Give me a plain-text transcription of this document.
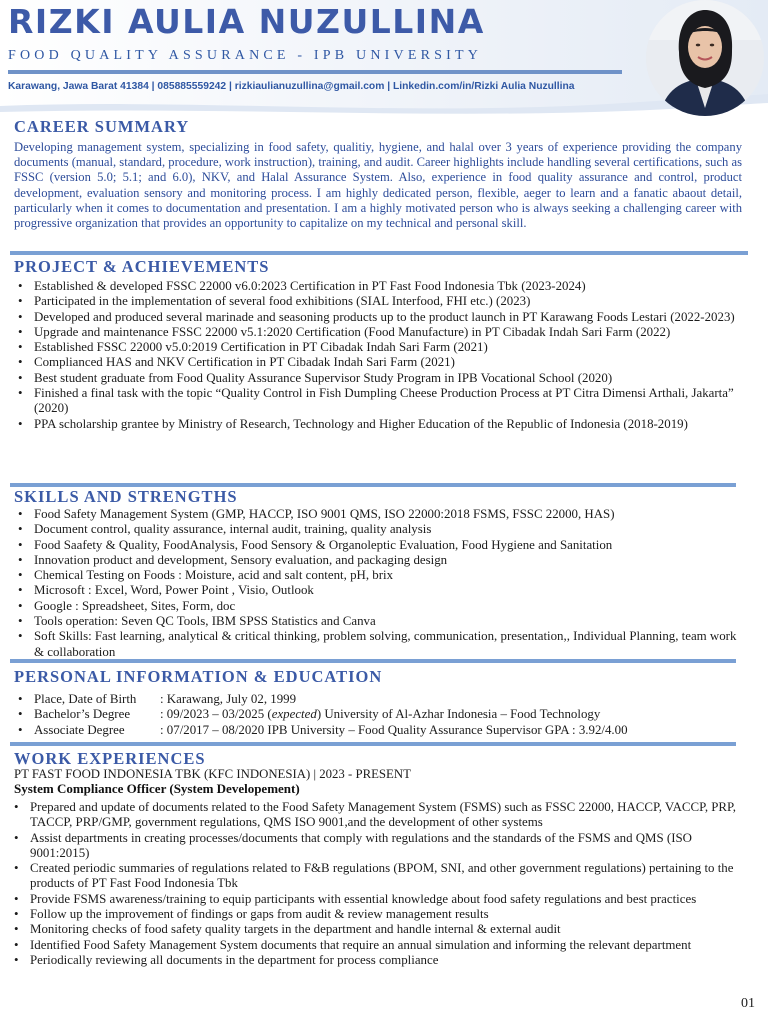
RIZKI AULIA NUZULLINA
FOOD QUALITY ASSURANCE - IPB UNIVERSITY
Karawang, Jawa Barat 41384 | 085885559242 | rizkiaulianuzullina@gmail.com | Linkedin.com/in/Rizki Aulia Nuzullina
CAREER SUMMARY

Developing management system, specializing in food safety, qualitiy, hygiene, and halal over 3 years of experience providing the company documents (manual, standard, procedure, work instruction), training, and audit. Career highlights include handling several certifications, such as FSSC (version 5.0; 5.1; and 6.0), NKV, and Halal Assurance System. Also, experience in food quality assurance and control, product development, evaluation sensory and monitoring process. I am highly dedicated person, flexible, aeger to learn and a fanatic abaout detail, particularly when it comes to documentation and presentation. I am a highly motivated person who is always seeking a challenging career with progressive organization that provides an opportunity to capitalize on my technical and personal skill.

PROJECT & ACHIEVEMENTS
• Established & developed FSSC 22000 v6.0:2023 Certification in PT Fast Food Indonesia Tbk (2023-2024)
• Participated in the implementation of several food exhibitions (SIAL Interfood, FHI etc.) (2023)
• Developed and produced several marinade and seasoning products up to the product launch in PT Karawang Foods Lestari (2022-2023)
• Upgrade and maintenance FSSC 22000 v5.1:2020 Certification (Food Manufacture) in PT Cibadak Indah Sari Farm (2022)
• Established FSSC 22000 v5.0:2019 Certification in PT Cibadak Indah Sari Farm (2021)
• Complianced HAS and NKV Certification in PT Cibadak Indah Sari Farm (2021)
• Best student graduate from Food Quality Assurance Supervisor Study Program in IPB Vocational School (2020)
• Finished a final task with the topic “Quality Control in Fish Dumpling Cheese Production Process at PT Citra Dimensi Arthali, Jakarta” (2020)
• PPA scholarship grantee by Ministry of Research, Technology and Higher Education of the Republic of Indonesia (2018-2019)
SKILLS AND STRENGTHS
• Food Safety Management System (GMP, HACCP, ISO 9001 QMS, ISO 22000:2018 FSMS, FSSC 22000, HAS)
• Document control, quality assurance, internal audit, training, quality analysis
• Food Saafety & Quality, FoodAnalysis, Food Sensory & Organoleptic Evaluation, Food Hygiene and Sanitation
• Innovation product and development, Sensory evaluation, and packaging design
• Chemical Testing on Foods : Moisture, acid and salt content, pH, brix
• Microsoft : Excel, Word, Power Point , Visio, Outlook
• Google : Spreadsheet, Sites, Form, doc
• Tools operation: Seven QC Tools, IBM SPSS Statistics and Canva
• Soft Skills: Fast learning, analytical & critical thinking, problem solving, communication, presentation,, Individual Planning, team work & collaboration
PERSONAL INFORMATION & EDUCATION
• Place, Date of Birth : Karawang, July 02, 1999
• Bachelor’s Degree : 09/2023 – 03/2025 (expected) University of Al-Azhar Indonesia – Food Technology
• Associate Degree	: 07/2017 – 08/2020 IPB University – Food Quality Assurance Supervisor GPA : 3.92/4.00
WORK EXPERIENCES
PT FAST FOOD INDONESIA TBK (KFC INDONESIA) | 2023 - PRESENT
System Compliance Officer (System Developement)
• Prepared and update of documents related to the Food Safety Management System (FSMS) such as FSSC 22000, HACCP, VACCP, PRP, TACCP, PRP/GMP, government regulations, QMS ISO 9001,and the development of other systems
• Assist departments in creating processes/documents that comply with regulations and the standards of the FSMS and QMS (ISO 9001:2015)
• Created periodic summaries of regulations related to F&B regulations (BPOM, SNI, and other government regulations) pertaining to the products of PT Fast Food Indonesia Tbk
• Provide FSMS awareness/training to equip participants with essential knowledge about food safety regulations and best practices
• Follow up the improvement of findings or gaps from audit & review management results
• Monitoring checks of food safety quality targets in the department and handle internal & external audit
• Identified Food Safety Management System documents that require an annual simulation and informing the relevant department
• Periodically reviewing all documents in the department for process compliance
01
